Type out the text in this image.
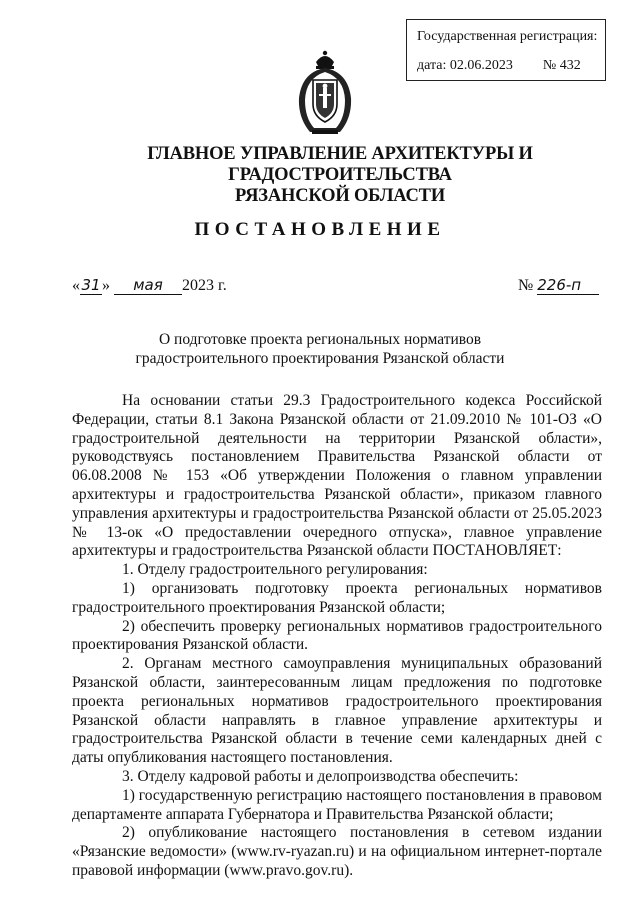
Государственная регистрация:
дата: 02.06.2023 № 432
ГЛАВНОЕ УПРАВЛЕНИЕ АРХИТЕКТУРЫ И ГРАДОСТРОИТЕЛЬСТВА
РЯЗАНСКОЙ ОБЛАСТИ
ПОСТАНОВЛЕНИЕ
«31» мая 2023 г.	№ 226-п
О подготовке проекта региональных нормативов
градостроительного проектирования Рязанской области

На основании статьи 29.3 Градостроительного кодекса Российской Федерации, статьи 8.1 Закона Рязанской области от 21.09.2010 № 101-ОЗ «О градостроительной деятельности на территории Рязанской области», руководствуясь постановлением Правительства Рязанской области от 06.08.2008 № 153 «Об утверждении Положения о главном управлении архитектуры и градостроительства Рязанской области», приказом главного управления архитектуры и градостроительства Рязанской области от 25.05.2023 № 13-ок «О предоставлении очередного отпуска», главное управление архитектуры и градостроительства Рязанской области ПОСТАНОВЛЯЕТ:

1. Отделу градостроительного регулирования:

1) организовать подготовку проекта региональных нормативов градостроительного проектирования Рязанской области;

2) обеспечить проверку региональных нормативов градостроительного проектирования Рязанской области.

2. Органам местного самоуправления муниципальных образований Рязанской области, заинтересованным лицам предложения по подготовке проекта региональных нормативов градостроительного проектирования Рязанской области направлять в главное управление архитектуры и градостроительства Рязанской области в течение семи календарных дней с даты опубликования настоящего постановления.

3. Отделу кадровой работы и делопроизводства обеспечить:

1) государственную регистрацию настоящего постановления в правовом департаменте аппарата Губернатора и Правительства Рязанской области;

2) опубликование настоящего постановления в сетевом издании «Рязанские ведомости» (www.rv-ryazan.ru) и на официальном интернет-портале правовой информации (www.pravo.gov.ru).
